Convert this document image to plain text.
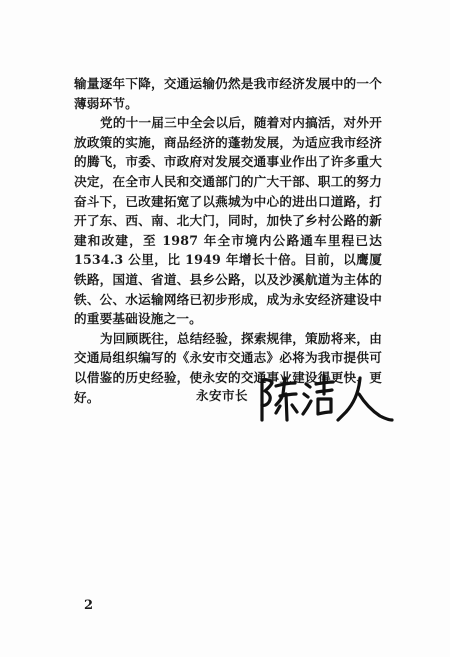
输量逐年下降，交通运输仍然是我市经济发展中的一个薄弱环节。

党的十一届三中全会以后，随着对内搞活，对外开放政策的实施，商品经济的蓬勃发展，为适应我市经济的腾飞，市委、市政府对发展交通事业作出了许多重大决定，在全市人民和交通部门的广大干部、职工的努力奋斗下，已改建拓宽了以燕城为中心的进出口道路，打开了东、西、南、北大门，同时，加快了乡村公路的新建和改建，至 1987 年全市境内公路通车里程已达 1534.3 公里，比 1949 年增长十倍。目前，以鹰厦铁路，国道、省道、县乡公路，以及沙溪航道为主体的铁、公、水运输网络已初步形成，成为永安经济建设中的重要基础设施之一。

为回顾既往，总结经验，探索规律，策励将来，由交通局组织编写的《永安市交通志》必将为我市提供可以借鉴的历史经验，使永安的交通事业建设得更快、更好。	永安市长
2
